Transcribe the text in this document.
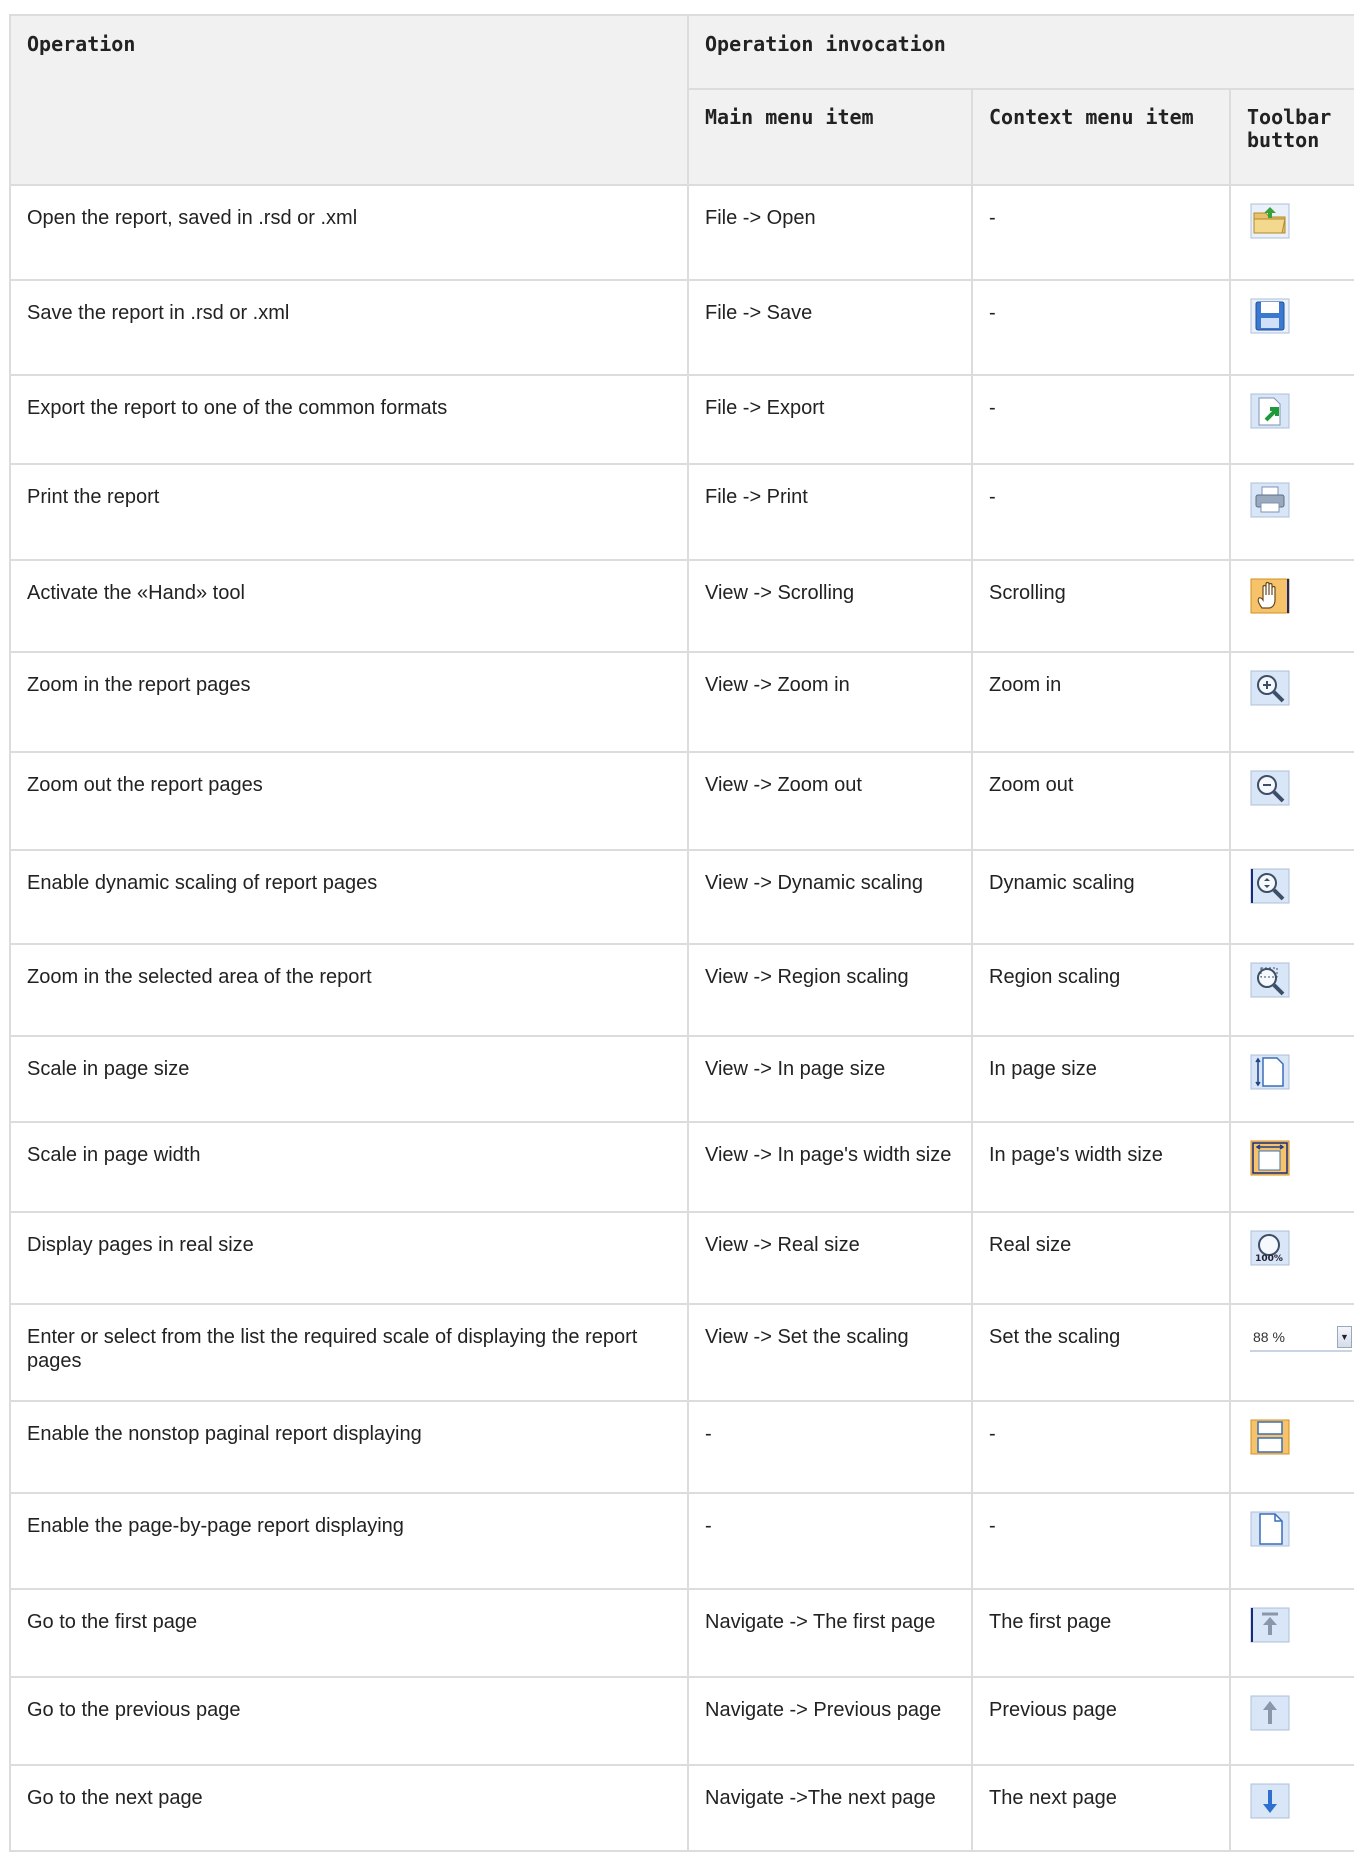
Operation	Operation invocation		

	Main menu item	Context menu item	Toolbar button

Open the report, saved in .rsd or .xml	File -> Open	-

Save the report in .rsd or .xml	File -> Save	-

Export the report to one of the common formats	File -> Export	-

Print the report	File -> Print	-

Activate the «Hand» tool	View -> Scrolling	Scrolling

Zoom in the report pages	View -> Zoom in	Zoom in

Zoom out the report pages	View -> Zoom out	Zoom out

Enable dynamic scaling of report pages	View -> Dynamic scaling	Dynamic scaling

Zoom in the selected area of the report	View -> Region scaling	Region scaling

Scale in page size	View -> In page size	In page size

Scale in page width	View -> In page's width size	In page's width size

Display pages in real size	View -> Real size	Real size	100%

Enter or select from the list the required scale of displaying the report pages	View -> Set the scaling	Set the scaling	88 % ▼

Enable the nonstop paginal report displaying	-	-

Enable the page-by-page report displaying	-	-

Go to the first page	Navigate -> The first page	The first page

Go to the previous page	Navigate -> Previous page	Previous page

Go to the next page	Navigate ->The next page	The next page
